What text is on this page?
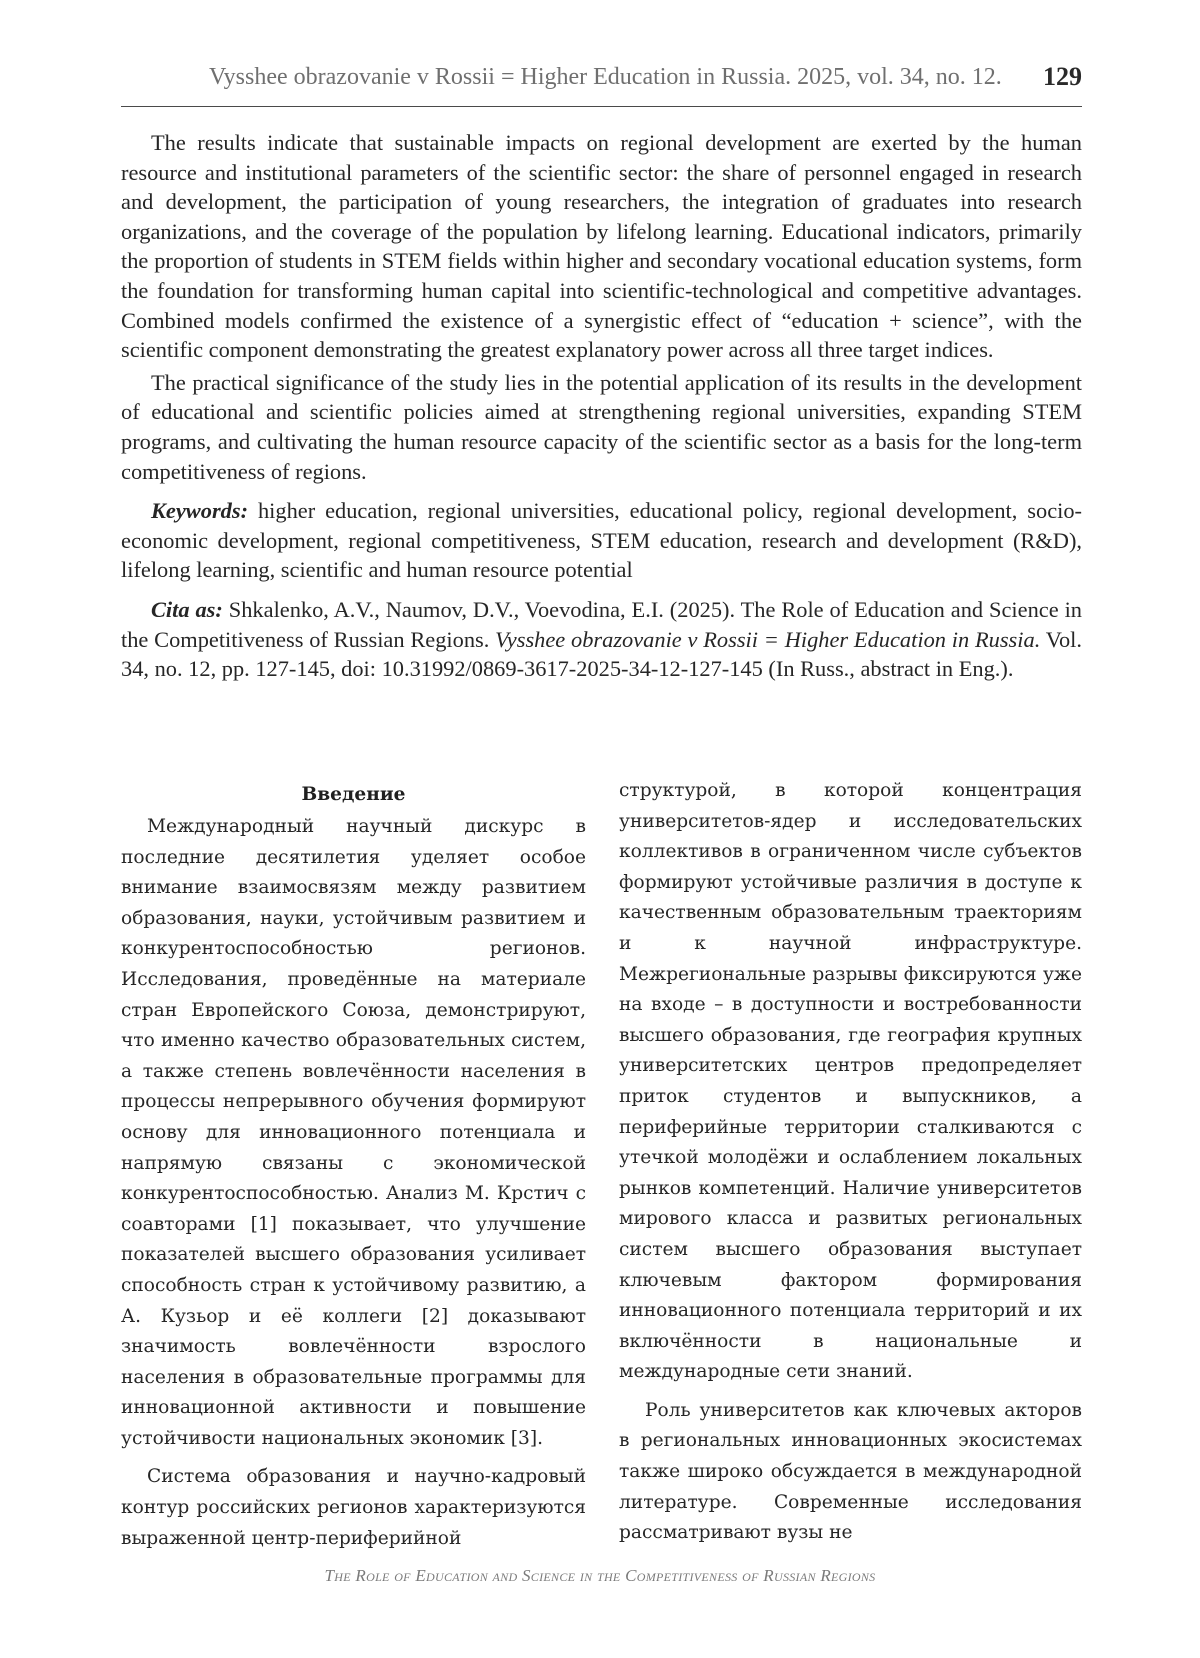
Vysshee obrazovanie v Rossii = Higher Education in Russia. 2025, vol. 34, no. 12. 129

The results indicate that sustainable impacts on regional development are exerted by the human resource and institutional parameters of the scientific sector: the share of personnel engaged in research and development, the participation of young researchers, the integration of graduates into research organizations, and the coverage of the population by lifelong learning. Educational indicators, primarily the proportion of students in STEM fields within higher and secondary vocational education systems, form the foundation for transforming human capital into scientific-technological and competitive advantages. Combined models confirmed the existence of a synergistic effect of “education + science”, with the scientific component demonstrating the greatest explanatory power across all three target indices.

The practical significance of the study lies in the potential application of its results in the development of educational and scientific policies aimed at strengthening regional universities, expanding STEM programs, and cultivating the human resource capacity of the scientific sector as a basis for the long-term competitiveness of regions.

Keywords: higher education, regional universities, educational policy, regional development, socio-economic development, regional competitiveness, STEM education, research and development (R&D), lifelong learning, scientific and human resource potential

Cita as: Shkalenko, A.V., Naumov, D.V., Voevodina, E.I. (2025). The Role of Education and Science in the Competitiveness of Russian Regions. Vysshee obrazovanie v Rossii = Higher Education in Russia. Vol. 34, no. 12, pp. 127-145, doi: 10.31992/0869-3617-2025-34-12-127-145 (In Russ., abstract in Eng.).

Введение

Международный научный дискурс в последние десятилетия уделяет особое внимание взаимосвязям между развитием образования, науки, устойчивым развитием и конкурентоспособностью регионов. Исследования, проведённые на материале стран Европейского Союза, демонстрируют, что именно качество образовательных систем, а также степень вовлечённости населения в процессы непрерывного обучения формируют основу для инновационного потенциала и напрямую связаны с экономической конкурентоспособностью. Анализ М. Крстич с соавторами [1] показывает, что улучшение показателей высшего образования усиливает способность стран к устойчивому развитию, а А. Кузьор и её коллеги [2] доказывают значимость вовлечённости взрослого населения в образовательные программы для инновационной активности и повышение устойчивости национальных экономик [3].

Система образования и научно-кадровый контур российских регионов характеризуются выраженной центр-периферийной

структурой, в которой концентрация университетов-ядер и исследовательских коллективов в ограниченном числе субъектов формируют устойчивые различия в доступе к качественным образовательным траекториям и к научной инфраструктуре. Межрегиональные разрывы фиксируются уже на входе – в доступности и востребованности высшего образования, где география крупных университетских центров предопределяет приток студентов и выпускников, а периферийные территории сталкиваются с утечкой молодёжи и ослаблением локальных рынков компетенций. Наличие университетов мирового класса и развитых региональных систем высшего образования выступает ключевым фактором формирования инновационного потенциала территорий и их включённости в национальные и международные сети знаний.

Роль университетов как ключевых акторов в региональных инновационных экосистемах также широко обсуждается в международной литературе. Современные исследования рассматривают вузы не

The Role of Education and Science in the Competitiveness of Russian Regions
